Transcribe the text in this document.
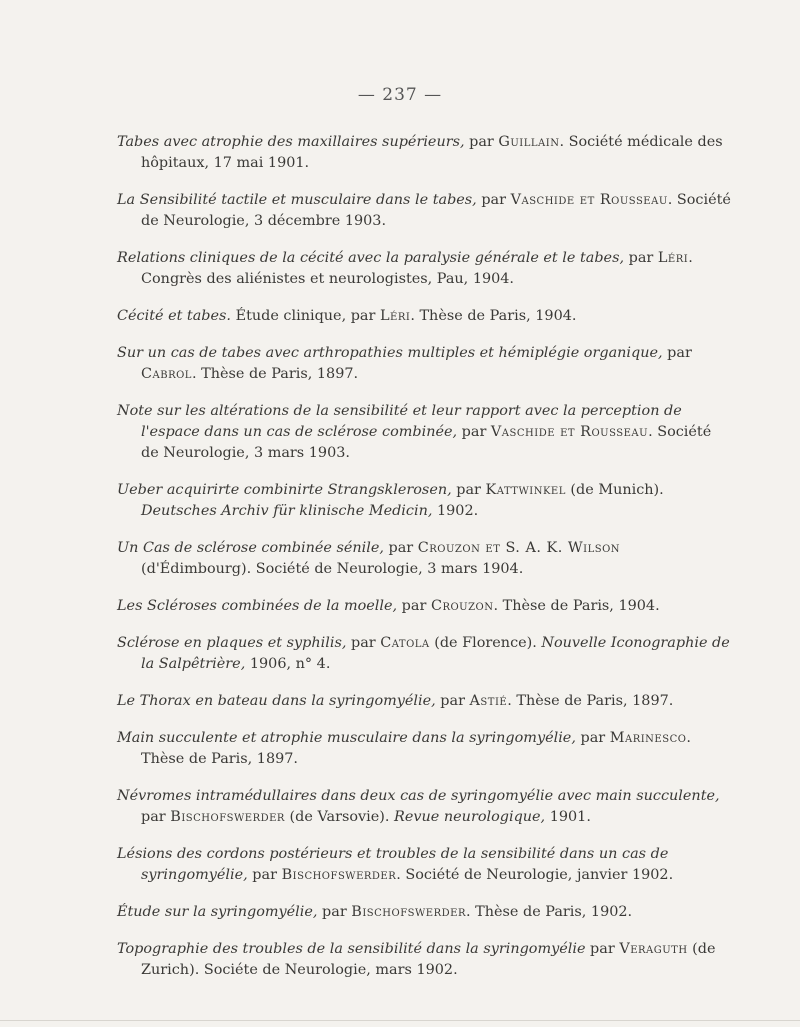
— 237 —

Tabes avec atrophie des maxillaires supérieurs, par Guillain. Société médicale des hôpitaux, 17 mai 1901.

La Sensibilité tactile et musculaire dans le tabes, par Vaschide et Rousseau. Société de Neurologie, 3 décembre 1903.

Relations cliniques de la cécité avec la paralysie générale et le tabes, par Léri. Congrès des aliénistes et neurologistes, Pau, 1904.

Cécité et tabes. Étude clinique, par Léri. Thèse de Paris, 1904.

Sur un cas de tabes avec arthropathies multiples et hémiplégie organique, par Cabrol. Thèse de Paris, 1897.

Note sur les altérations de la sensibilité et leur rapport avec la perception de l'espace dans un cas de sclérose combinée, par Vaschide et Rousseau. Société de Neurologie, 3 mars 1903.

Ueber acquirirte combinirte Strangsklerosen, par Kattwinkel (de Munich). Deutsches Archiv für klinische Medicin, 1902.

Un Cas de sclérose combinée sénile, par Crouzon et S. A. K. Wilson (d'Édimbourg). Société de Neurologie, 3 mars 1904.

Les Scléroses combinées de la moelle, par Crouzon. Thèse de Paris, 1904.

Sclérose en plaques et syphilis, par Catola (de Florence). Nouvelle Iconographie de la Salpêtrière, 1906, n° 4.

Le Thorax en bateau dans la syringomyélie, par Astié. Thèse de Paris, 1897.

Main succulente et atrophie musculaire dans la syringomyélie, par Marinesco. Thèse de Paris, 1897.

Névromes intramédullaires dans deux cas de syringomyélie avec main succulente, par Bischofswerder (de Varsovie). Revue neurologique, 1901.

Lésions des cordons postérieurs et troubles de la sensibilité dans un cas de syringomyélie, par Bischofswerder. Société de Neurologie, janvier 1902.

Étude sur la syringomyélie, par Bischofswerder. Thèse de Paris, 1902.

Topographie des troubles de la sensibilité dans la syringomyélie par Veraguth (de Zurich). Sociéte de Neurologie, mars 1902.
